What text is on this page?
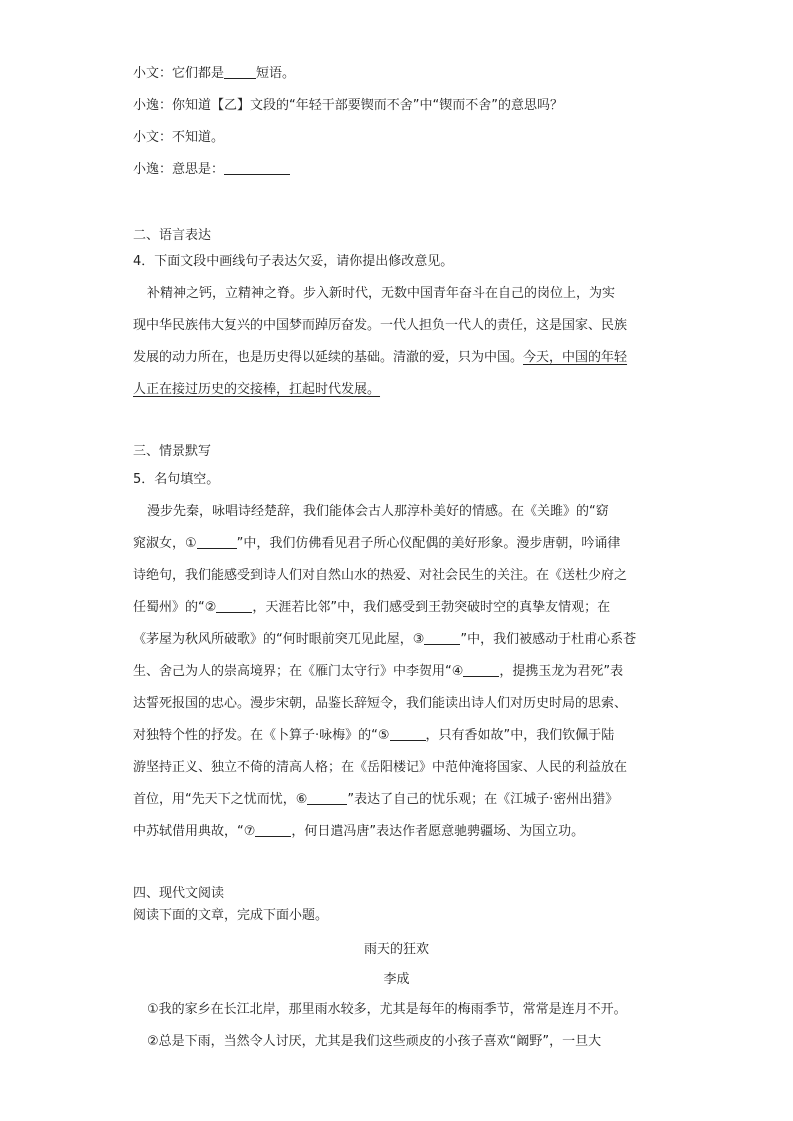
小文：它们都是 短语。
小逸：你知道【乙】文段的“年轻干部要锲而不舍”中“锲而不舍”的意思吗？
小文：不知道。
小逸：意思是：
二、语言表达
4．下面文段中画线句子表达欠妥，请你提出修改意见。
补精神之钙，立精神之脊。步入新时代，无数中国青年奋斗在自己的岗位上，为实
现中华民族伟大复兴的中国梦而踔厉奋发。一代人担负一代人的责任，这是国家、民族
发展的动力所在，也是历史得以延续的基础。清澈的爱，只为中国。今天，中国的年轻
人正在接过历史的交接棒，扛起时代发展。
三、情景默写
5．名句填空。
漫步先秦，咏唱诗经楚辞，我们能体会古人那淳朴美好的情感。在《关雎》的“窈
窕淑女，①	”中，我们仿佛看见君子所心仪配偶的美好形象。漫步唐朝，吟诵律
诗绝句，我们能感受到诗人们对自然山水的热爱、对社会民生的关注。在《送杜少府之
任蜀州》的“②	，天涯若比邻”中，我们感受到王勃突破时空的真挚友情观；在
《茅屋为秋风所破歌》的“何时眼前突兀见此屋，③	”中，我们被感动于杜甫心系苍
生、舍己为人的崇高境界；在《雁门太守行》中李贺用“④	，提携玉龙为君死”表
达誓死报国的忠心。漫步宋朝，品鉴长辞短令，我们能读出诗人们对历史时局的思索、
对独特个性的抒发。在《卜算子·咏梅》的“⑤	，只有香如故”中，我们钦佩于陆
游坚持正义、独立不倚的清高人格；在《岳阳楼记》中范仲淹将国家、人民的利益放在
首位，用“先天下之忧而忧，⑥	”表达了自己的忧乐观；在《江城子·密州出猎》
中苏轼借用典故，“⑦	，何日遣冯唐”表达作者愿意驰骋疆场、为国立功。
四、现代文阅读
阅读下面的文章，完成下面小题。
雨天的狂欢
李成
①我的家乡在长江北岸，那里雨水较多，尤其是每年的梅雨季节，常常是连月不开。
②总是下雨，当然令人讨厌，尤其是我们这些顽皮的小孩子喜欢“阚野”，一旦大
